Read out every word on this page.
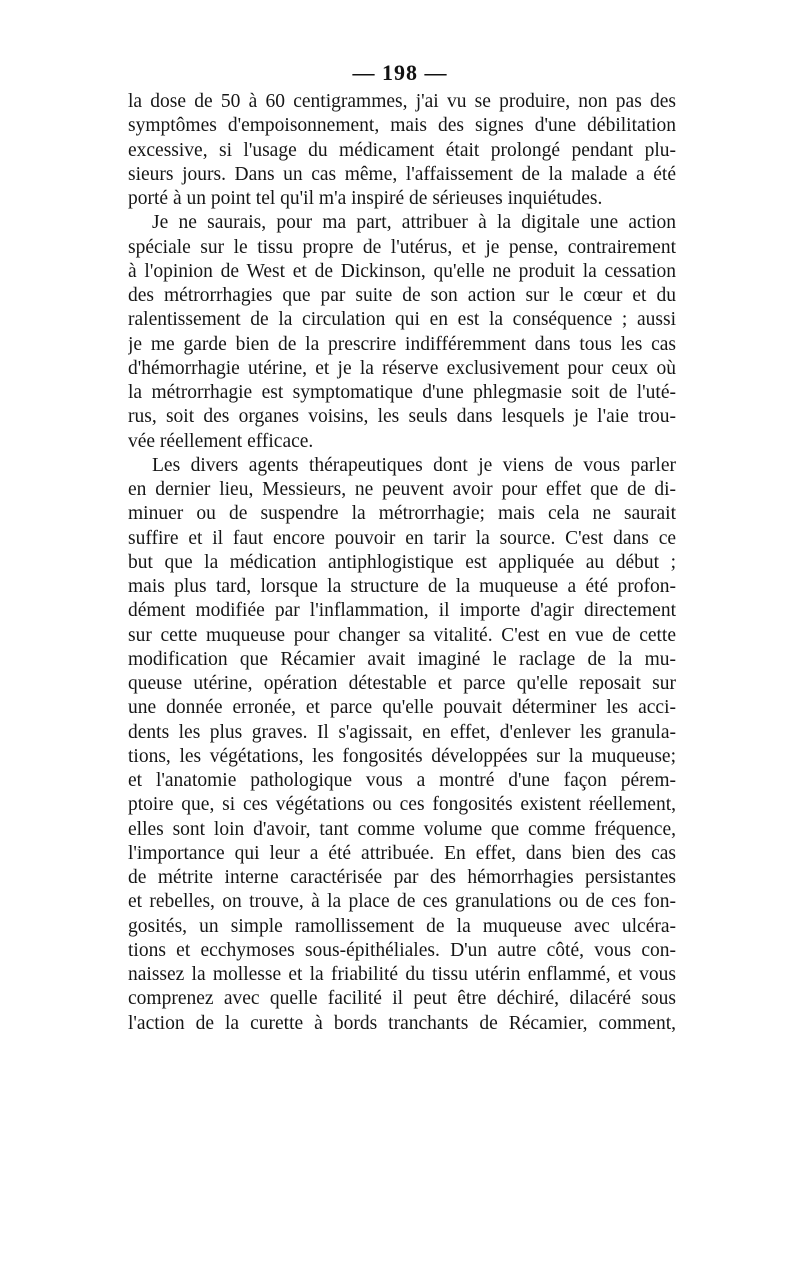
— 198 —
la dose de 50 à 60 centigrammes, j'ai vu se produire, non pas des
symptômes d'empoisonnement, mais des signes d'une débilitation
excessive, si l'usage du médicament était prolongé pendant plu-
sieurs jours. Dans un cas même, l'affaissement de la malade a été
porté à un point tel qu'il m'a inspiré de sérieuses inquiétudes.
Je ne saurais, pour ma part, attribuer à la digitale une action
spéciale sur le tissu propre de l'utérus, et je pense, contrairement
à l'opinion de West et de Dickinson, qu'elle ne produit la cessation
des métrorrhagies que par suite de son action sur le cœur et du
ralentissement de la circulation qui en est la conséquence ; aussi
je me garde bien de la prescrire indifféremment dans tous les cas
d'hémorrhagie utérine, et je la réserve exclusivement pour ceux où
la métrorrhagie est symptomatique d'une phlegmasie soit de l'uté-
rus, soit des organes voisins, les seuls dans lesquels je l'aie trou-
vée réellement efficace.
Les divers agents thérapeutiques dont je viens de vous parler
en dernier lieu, Messieurs, ne peuvent avoir pour effet que de di-
minuer ou de suspendre la métrorrhagie; mais cela ne saurait
suffire et il faut encore pouvoir en tarir la source. C'est dans ce
but que la médication antiphlogistique est appliquée au début ;
mais plus tard, lorsque la structure de la muqueuse a été profon-
dément modifiée par l'inflammation, il importe d'agir directement
sur cette muqueuse pour changer sa vitalité. C'est en vue de cette
modification que Récamier avait imaginé le raclage de la mu-
queuse utérine, opération détestable et parce qu'elle reposait sur
une donnée erronée, et parce qu'elle pouvait déterminer les acci-
dents les plus graves. Il s'agissait, en effet, d'enlever les granula-
tions, les végétations, les fongosités développées sur la muqueuse;
et l'anatomie pathologique vous a montré d'une façon pérem-
ptoire que, si ces végétations ou ces fongosités existent réellement,
elles sont loin d'avoir, tant comme volume que comme fréquence,
l'importance qui leur a été attribuée. En effet, dans bien des cas
de métrite interne caractérisée par des hémorrhagies persistantes
et rebelles, on trouve, à la place de ces granulations ou de ces fon-
gosités, un simple ramollissement de la muqueuse avec ulcéra-
tions et ecchymoses sous-épithéliales. D'un autre côté, vous con-
naissez la mollesse et la friabilité du tissu utérin enflammé, et vous
comprenez avec quelle facilité il peut être déchiré, dilacéré sous
l'action de la curette à bords tranchants de Récamier, comment,
